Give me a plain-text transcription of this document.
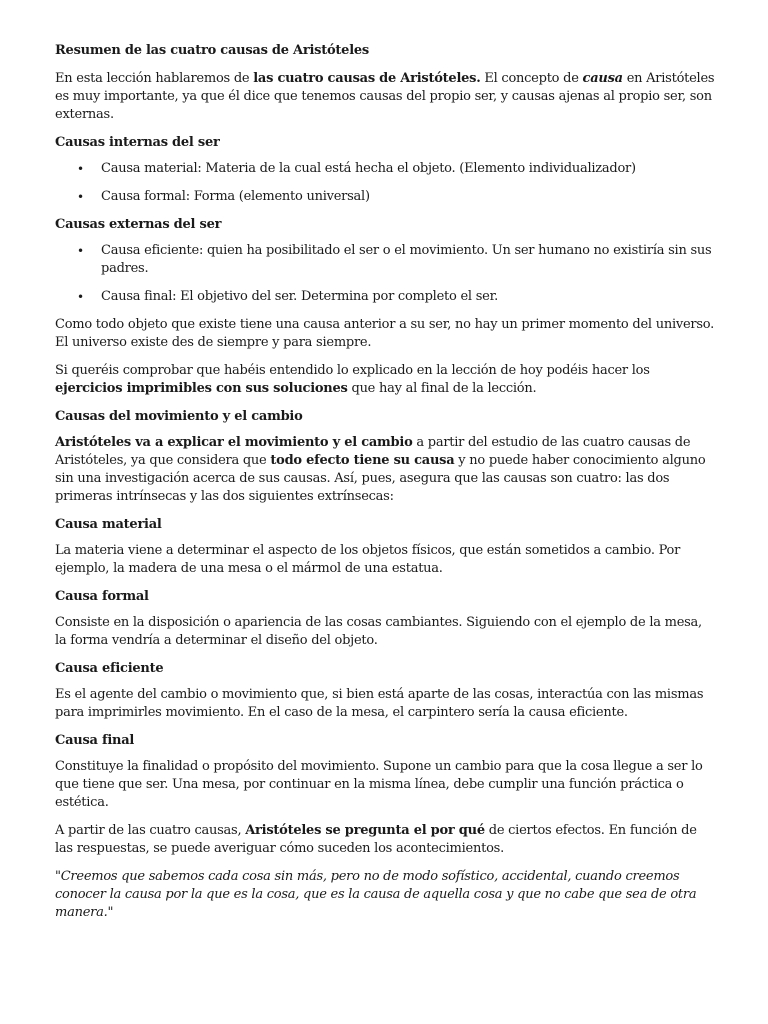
Resumen de las cuatro causas de Aristóteles

En esta lección hablaremos de las cuatro causas de Aristóteles. El concepto de causa en Aristóteles es muy importante, ya que él dice que tenemos causas del propio ser, y causas ajenas al propio ser, son externas.

Causas internas del ser

• Causa material: Materia de la cual está hecha el objeto. (Elemento individualizador)
• Causa formal: Forma (elemento universal)

Causas externas del ser

• Causa eficiente: quien ha posibilitado el ser o el movimiento. Un ser humano no existiría sin sus padres.
• Causa final: El objetivo del ser. Determina por completo el ser.

Como todo objeto que existe tiene una causa anterior a su ser, no hay un primer momento del universo. El universo existe des de siempre y para siempre.

Si queréis comprobar que habéis entendido lo explicado en la lección de hoy podéis hacer los ejercicios imprimibles con sus soluciones que hay al final de la lección.

Causas del movimiento y el cambio

Aristóteles va a explicar el movimiento y el cambio a partir del estudio de las cuatro causas de Aristóteles, ya que considera que todo efecto tiene su causa y no puede haber conocimiento alguno sin una investigación acerca de sus causas. Así, pues, asegura que las causas son cuatro: las dos primeras intrínsecas y las dos siguientes extrínsecas:

Causa material

La materia viene a determinar el aspecto de los objetos físicos, que están sometidos a cambio. Por ejemplo, la madera de una mesa o el mármol de una estatua.

Causa formal

Consiste en la disposición o apariencia de las cosas cambiantes. Siguiendo con el ejemplo de la mesa, la forma vendría a determinar el diseño del objeto.

Causa eficiente

Es el agente del cambio o movimiento que, si bien está aparte de las cosas, interactúa con las mismas para imprimirles movimiento. En el caso de la mesa, el carpintero sería la causa eficiente.

Causa final

Constituye la finalidad o propósito del movimiento. Supone un cambio para que la cosa llegue a ser lo que tiene que ser. Una mesa, por continuar en la misma línea, debe cumplir una función práctica o estética.

A partir de las cuatro causas, Aristóteles se pregunta el por qué de ciertos efectos. En función de las respuestas, se puede averiguar cómo suceden los acontecimientos.

"Creemos que sabemos cada cosa sin más, pero no de modo sofístico, accidental, cuando creemos conocer la causa por la que es la cosa, que es la causa de aquella cosa y que no cabe que sea de otra manera."
